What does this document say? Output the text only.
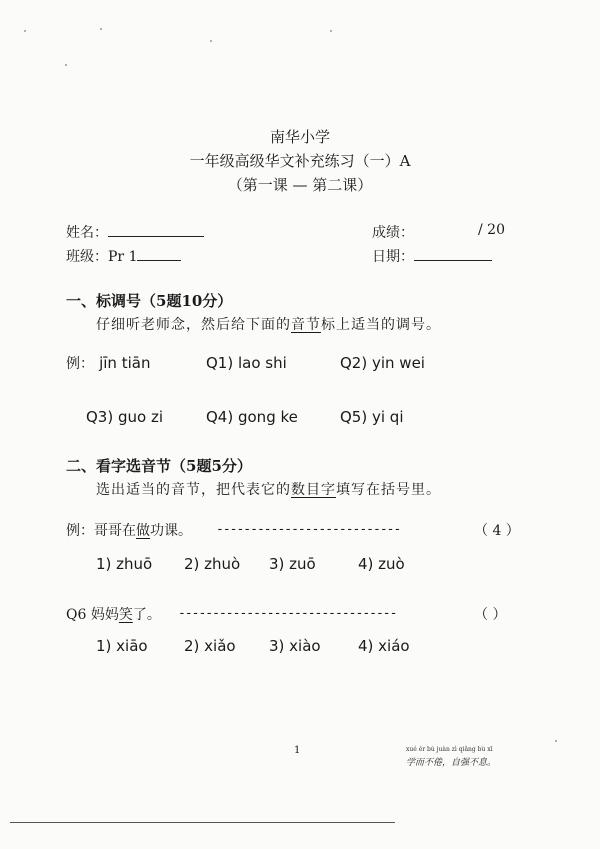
南华小学
一年级高级华文补充练习（一）A
（第一课 — 第二课）
姓名：	成绩：	/ 20
班级：Pr 1	日期：
一、标调号（5题10分）
仔细听老师念，然后给下面的音节标上适当的调号。
例： jīn tiān	Q1) lao shi	Q2) yin wei
Q3) guo zi	Q4) gong ke	Q5) yi qi
二、看字选音节（5题5分）
选出适当的音节，把代表它的数目字填写在括号里。
例：哥哥在做功课。 ---------------------------	（ 4 ）
1) zhuō 2) zhuò 3) zuō	4) zuò
Q6 妈妈笑了。 --------------------------------	（ ）
1) xiāo 2) xiǎo 3) xiào 4) xiáo
1	xué ér bù juàn zì qiǎng bù xī
学而不倦，自强不息。
